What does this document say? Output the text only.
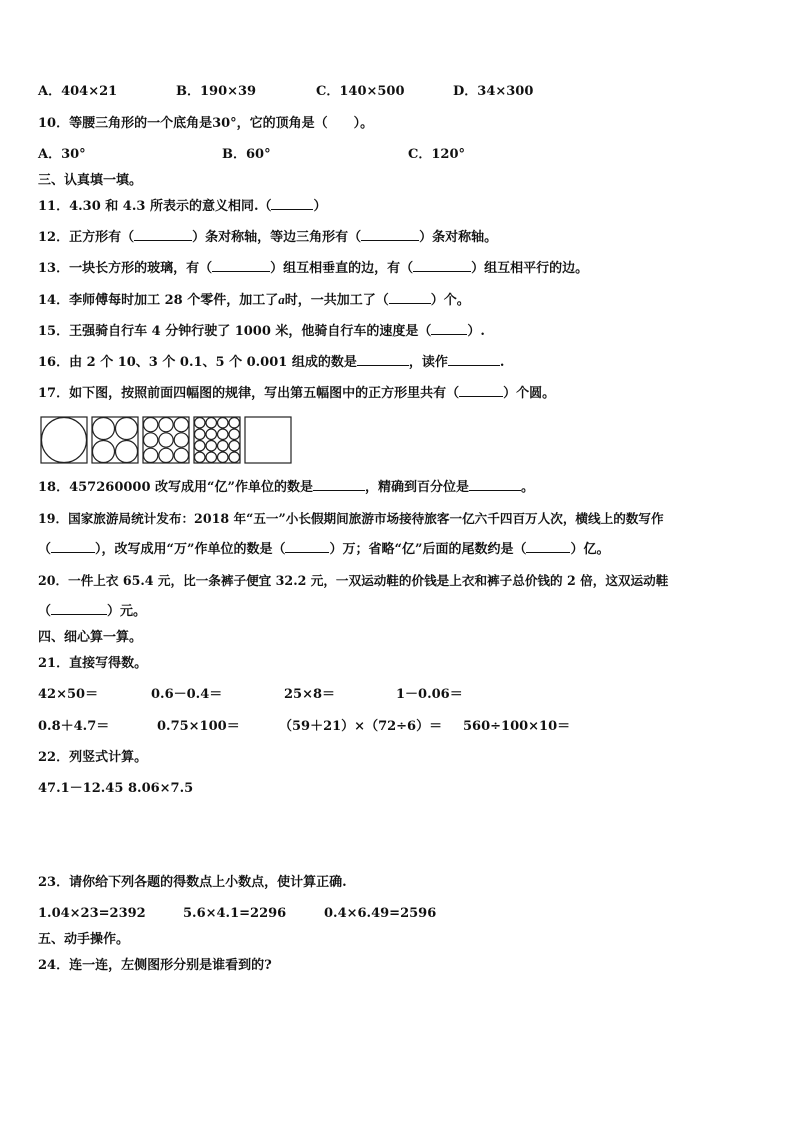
A．404×21	B．190×39	C．140×500	D．34×300
10．等腰三角形的一个底角是30°，它的顶角是（　　）。
A．30°	B．60°	C．120°
三、认真填一填。
11．4.30 和 4.3 所表示的意义相同.（	）
12．正方形有（	）条对称轴，等边三角形有（	）条对称轴。
13．一块长方形的玻璃，有（	）组互相垂直的边，有（	）组互相平行的边。
14．李师傅每时加工 28 个零件，加工了a时，一共加工了（	）个。
15．王强骑自行车 4 分钟行驶了 1000 米，他骑自行车的速度是（	）.
16．由 2 个 10、3 个 0.1、5 个 0.001 组成的数是	，读作	.
17．如下图，按照前面四幅图的规律，写出第五幅图中的正方形里共有（	）个圆。
18．457260000 改写成用“亿”作单位的数是	，精确到百分位是	。
19．国家旅游局统计发布：2018 年“五一”小长假期间旅游市场接待旅客一亿六千四百万人次，横线上的数写作
（	），改写成用“万”作单位的数是（	）万；省略“亿”后面的尾数约是（	）亿。
20．一件上衣 65.4 元，比一条裤子便宜 32.2 元，一双运动鞋的价钱是上衣和裤子总价钱的 2 倍，这双运动鞋
（	）元。
四、细心算一算。
21．直接写得数。
42×50＝	0.6－0.4＝	25×8＝	1－0.06＝
0.8＋4.7＝	0.75×100＝	（59＋21）×（72÷6）＝ 560÷100×10＝
22．列竖式计算。
47.1－12.45 8.06×7.5
23．请你给下列各题的得数点上小数点，使计算正确.
1.04×23=2392	5.6×4.1=2296	0.4×6.49=2596
五、动手操作。
24．连一连，左侧图形分别是谁看到的?
